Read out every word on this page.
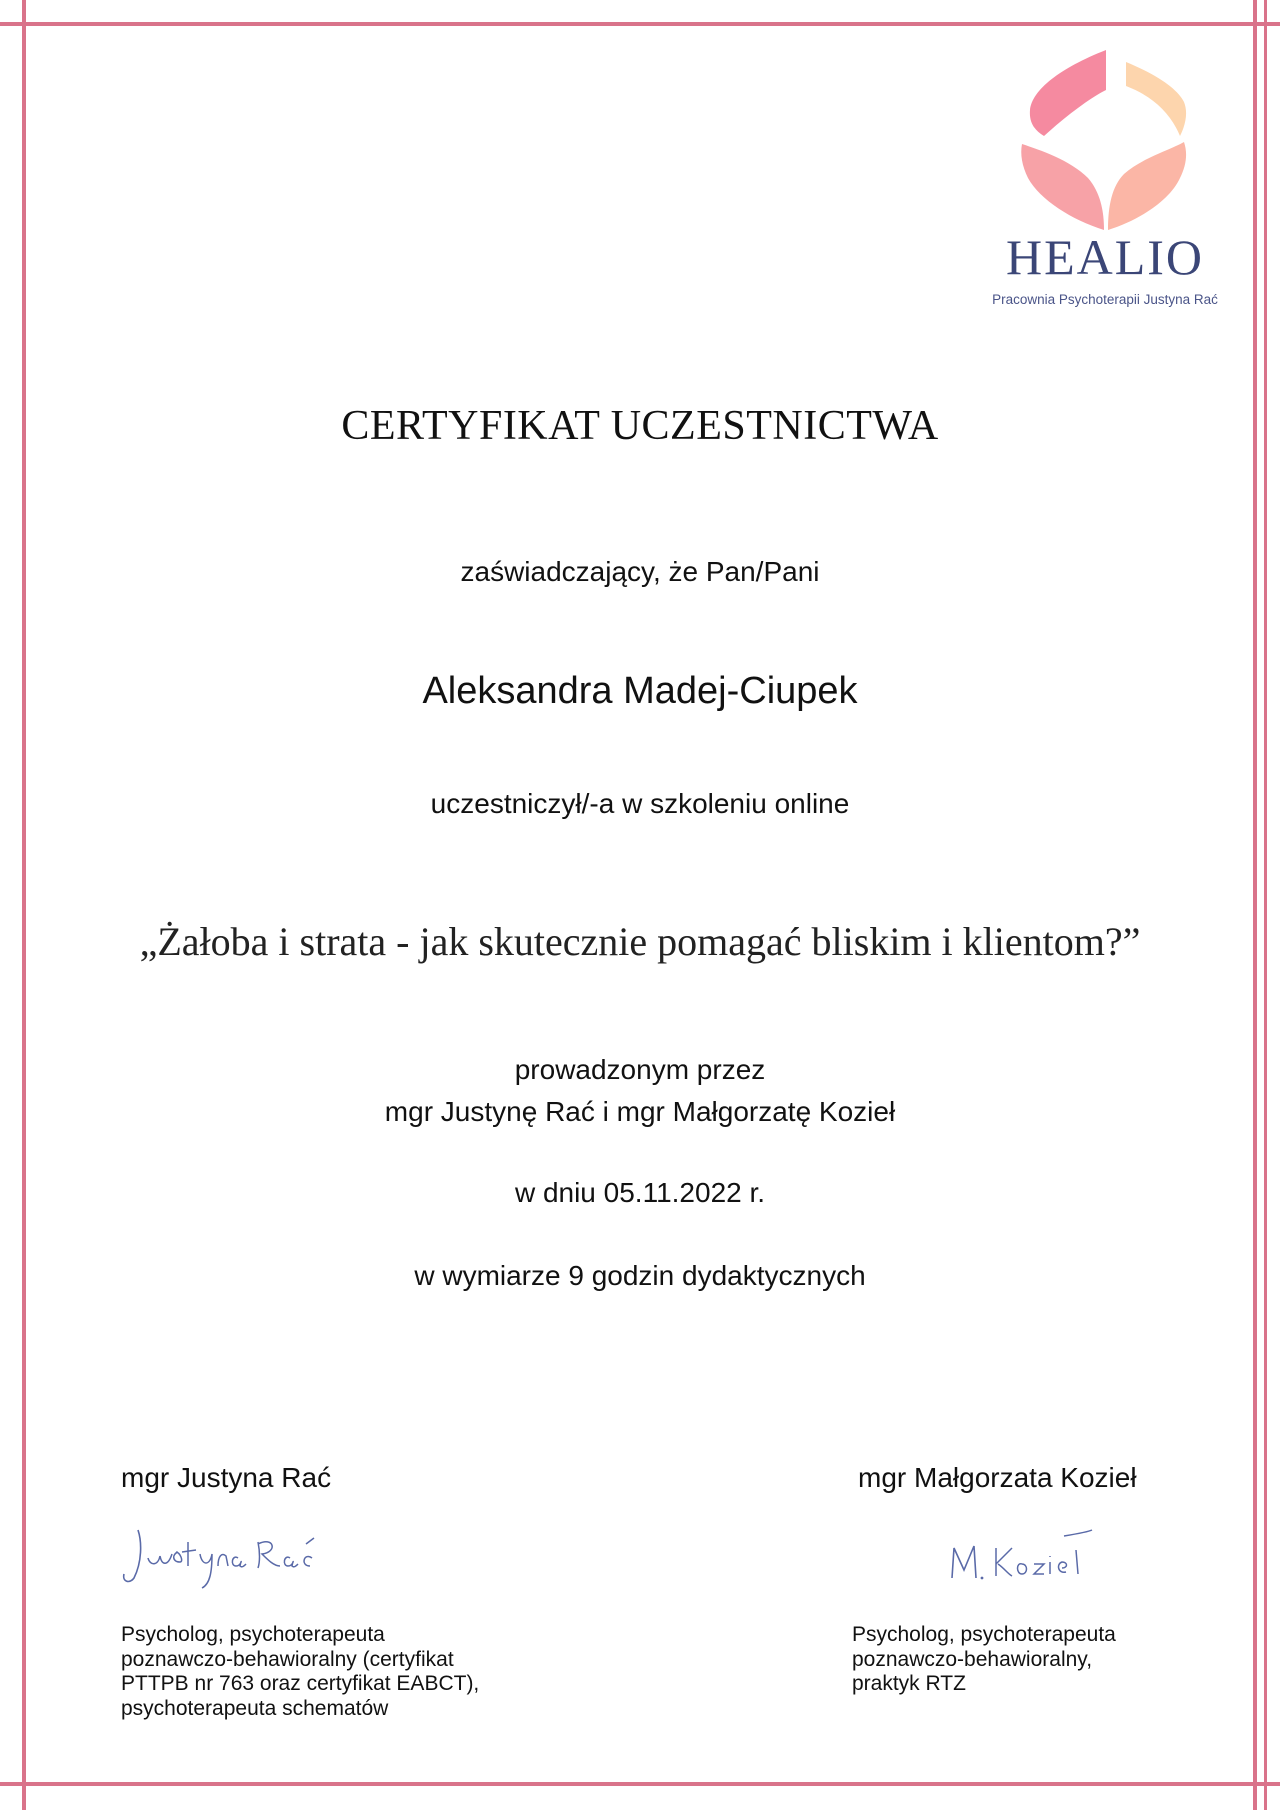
HEALIO
Pracownia Psychoterapii Justyna Rać
CERTYFIKAT UCZESTNICTWA
zaświadczający, że Pan/Pani
Aleksandra Madej-Ciupek
uczestniczył/-a w szkoleniu online
„Żałoba i strata - jak skutecznie pomagać bliskim i klientom?”
prowadzonym przez
mgr Justynę Rać i mgr Małgorzatę Kozieł
w dniu 05.11.2022 r.
w wymiarze 9 godzin dydaktycznych
mgr Justyna Rać
Psycholog, psychoterapeuta
poznawczo-behawioralny (certyfikat
PTTPB nr 763 oraz certyfikat EABCT),
psychoterapeuta schematów
mgr Małgorzata Kozieł
Psycholog, psychoterapeuta
poznawczo-behawioralny,
praktyk RTZ
